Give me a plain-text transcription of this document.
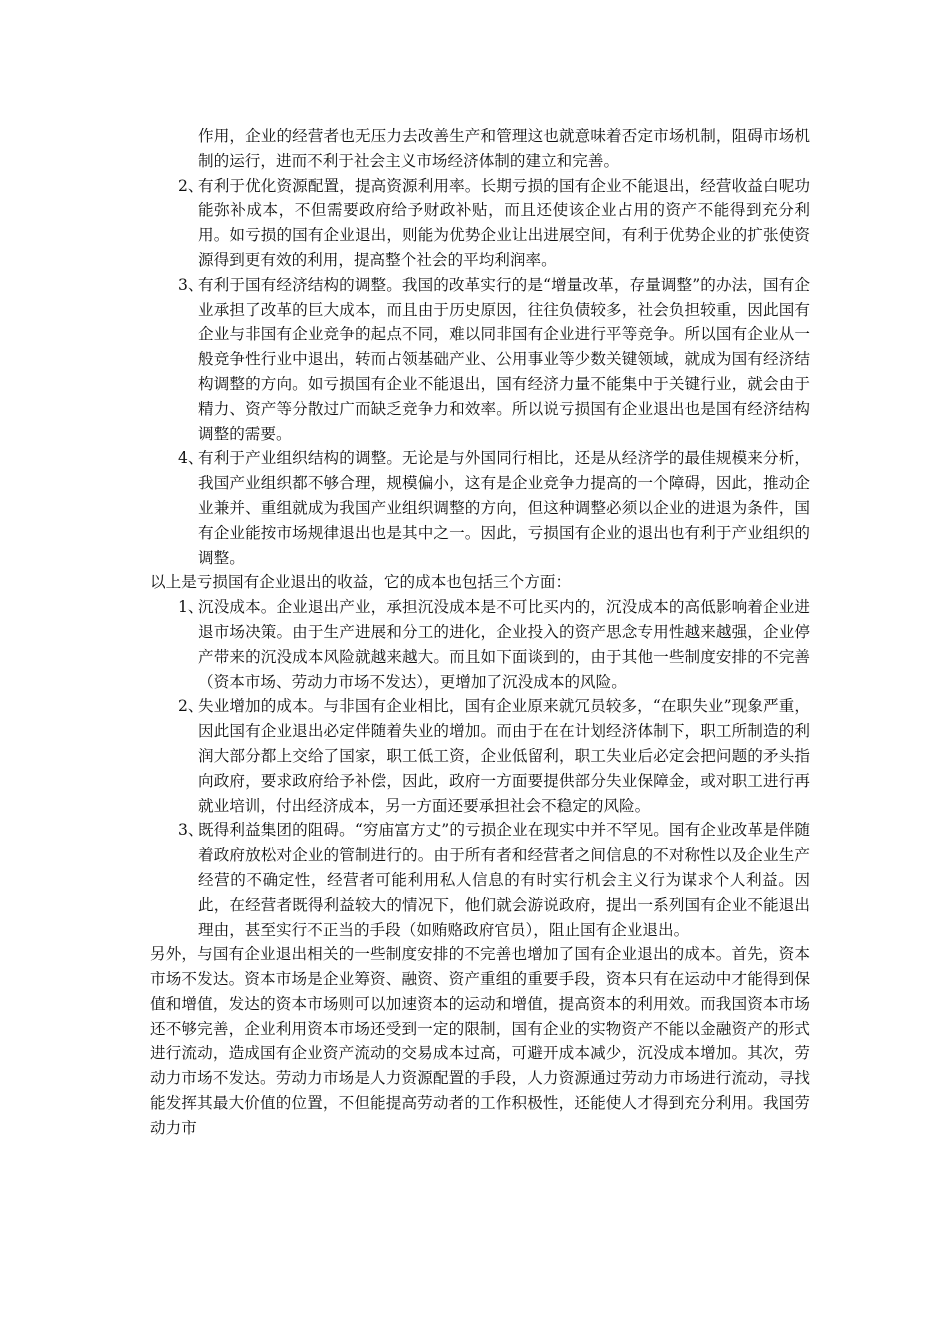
作用，企业的经营者也无压力去改善生产和管理这也就意味着否定市场机制，阻碍市场机制的运行，进而不利于社会主义市场经济体制的建立和完善。
2、
有利于优化资源配置，提高资源利用率。长期亏损的国有企业不能退出，经营收益白呢功能弥补成本，不但需要政府给予财政补贴，而且还使该企业占用的资产不能得到充分利用。如亏损的国有企业退出，则能为优势企业让出进展空间，有利于优势企业的扩张使资源得到更有效的利用，提高整个社会的平均利润率。
3、
有利于国有经济结构的调整。我国的改革实行的是“增量改革，存量调整”的办法，国有企业承担了改革的巨大成本，而且由于历史原因，往往负债较多，社会负担较重，因此国有企业与非国有企业竞争的起点不同，难以同非国有企业进行平等竞争。所以国有企业从一般竞争性行业中退出，转而占领基础产业、公用事业等少数关键领域，就成为国有经济结构调整的方向。如亏损国有企业不能退出，国有经济力量不能集中于关键行业，就会由于精力、资产等分散过广而缺乏竞争力和效率。所以说亏损国有企业退出也是国有经济结构调整的需要。
4、
有利于产业组织结构的调整。无论是与外国同行相比，还是从经济学的最佳规模来分析，我国产业组织都不够合理，规模偏小，这有是企业竞争力提高的一个障碍，因此，推动企业兼并、重组就成为我国产业组织调整的方向，但这种调整必须以企业的进退为条件，国有企业能按市场规律退出也是其中之一。因此，亏损国有企业的退出也有利于产业组织的调整。

以上是亏损国有企业退出的收益，它的成本也包括三个方面：

1、
沉没成本。企业退出产业，承担沉没成本是不可比买内的，沉没成本的高低影响着企业进退市场决策。由于生产进展和分工的进化，企业投入的资产思念专用性越来越强，企业停产带来的沉没成本风险就越来越大。而且如下面谈到的，由于其他一些制度安排的不完善（资本市场、劳动力市场不发达），更增加了沉没成本的风险。
2、
失业增加的成本。与非国有企业相比，国有企业原来就冗员较多，“在职失业”现象严重，因此国有企业退出必定伴随着失业的增加。而由于在在计划经济体制下，职工所制造的利润大部分都上交给了国家，职工低工资，企业低留利，职工失业后必定会把问题的矛头指向政府，要求政府给予补偿，因此，政府一方面要提供部分失业保障金，或对职工进行再就业培训，付出经济成本，另一方面还要承担社会不稳定的风险。
3、
既得利益集团的阻碍。“穷庙富方丈”的亏损企业在现实中并不罕见。国有企业改革是伴随着政府放松对企业的管制进行的。由于所有者和经营者之间信息的不对称性以及企业生产经营的不确定性，经营者可能利用私人信息的有时实行机会主义行为谋求个人利益。因此，在经营者既得利益较大的情况下，他们就会游说政府，提出一系列国有企业不能退出理由，甚至实行不正当的手段（如贿赂政府官员），阻止国有企业退出。

另外，与国有企业退出相关的一些制度安排的不完善也增加了国有企业退出的成本。首先，资本市场不发达。资本市场是企业筹资、融资、资产重组的重要手段，资本只有在运动中才能得到保值和增值，发达的资本市场则可以加速资本的运动和增值，提高资本的利用效。而我国资本市场还不够完善，企业利用资本市场还受到一定的限制，国有企业的实物资产不能以金融资产的形式进行流动，造成国有企业资产流动的交易成本过高，可避开成本减少，沉没成本增加。其次，劳动力市场不发达。劳动力市场是人力资源配置的手段，人力资源通过劳动力市场进行流动，寻找能发挥其最大价值的位置，不但能提高劳动者的工作积极性，还能使人才得到充分利用。我国劳动力市
